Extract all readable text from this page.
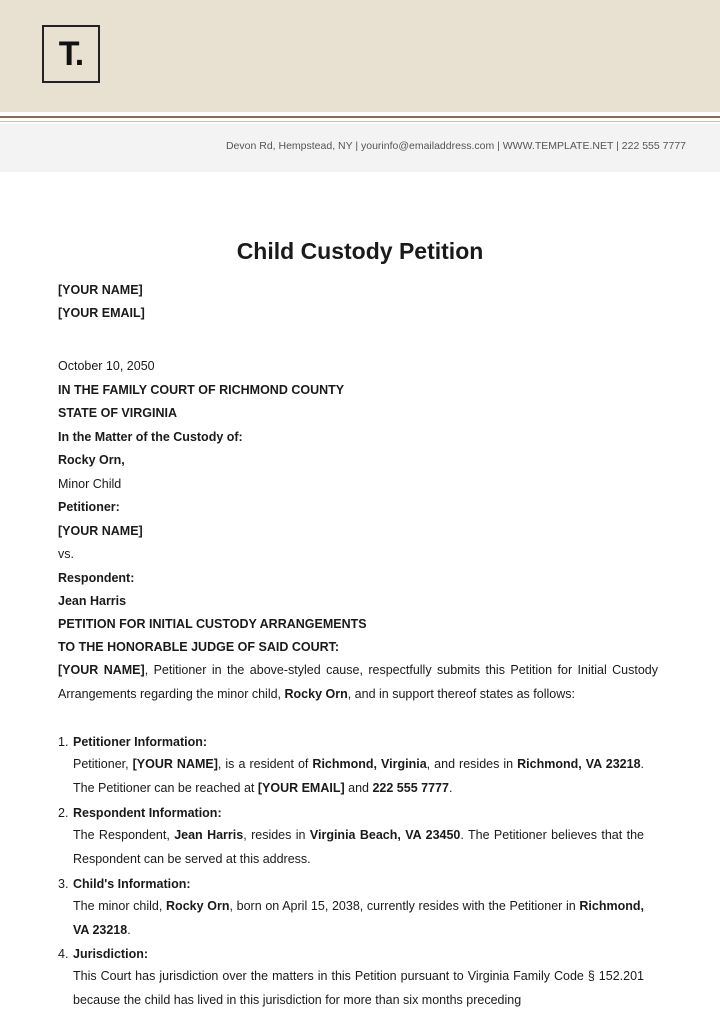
T.
Devon Rd, Hempstead, NY | yourinfo@emailaddress.com | WWW.TEMPLATE.NET | 222 555 7777
Child Custody Petition
[YOUR NAME]
[YOUR EMAIL]
October 10, 2050
IN THE FAMILY COURT OF RICHMOND COUNTY
STATE OF VIRGINIA
In the Matter of the Custody of:
Rocky Orn,
Minor Child
Petitioner:
[YOUR NAME]
vs.
Respondent:
Jean Harris
PETITION FOR INITIAL CUSTODY ARRANGEMENTS
TO THE HONORABLE JUDGE OF SAID COURT:

[YOUR NAME], Petitioner in the above-styled cause, respectfully submits this Petition for Initial Custody Arrangements regarding the minor child, Rocky Orn, and in support thereof states as follows:

1. Petitioner Information:

Petitioner, [YOUR NAME], is a resident of Richmond, Virginia, and resides in Richmond, VA 23218. The Petitioner can be reached at [YOUR EMAIL] and 222 555 7777.

2. Respondent Information:

The Respondent, Jean Harris, resides in Virginia Beach, VA 23450. The Petitioner believes that the Respondent can be served at this address.

3. Child's Information:

The minor child, Rocky Orn, born on April 15, 2038, currently resides with the Petitioner in Richmond, VA 23218.

4. Jurisdiction:

This Court has jurisdiction over the matters in this Petition pursuant to Virginia Family Code § 152.201 because the child has lived in this jurisdiction for more than six months preceding
